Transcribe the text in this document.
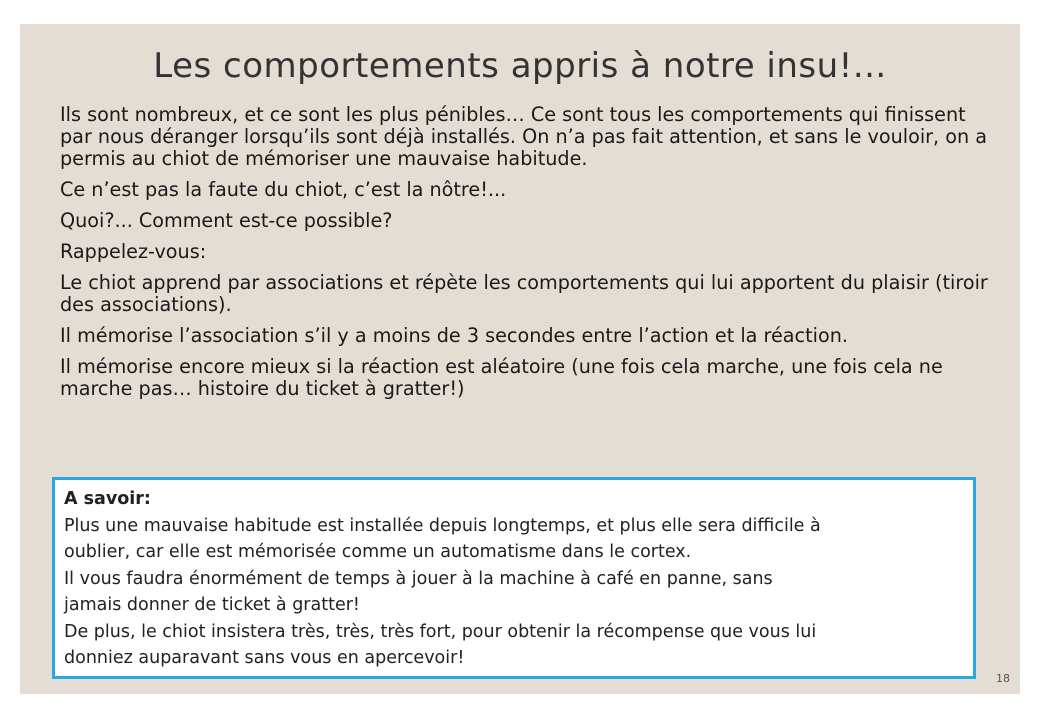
Les comportements appris à notre insu!...

Ils sont nombreux, et ce sont les plus pénibles… Ce sont tous les comportements qui finissent par nous déranger lorsqu’ils sont déjà installés. On n’a pas fait attention, et sans le vouloir, on a permis au chiot de mémoriser une mauvaise habitude.

Ce n’est pas la faute du chiot, c’est la nôtre!...

Quoi?... Comment est-ce possible?

Rappelez-vous:

Le chiot apprend par associations et répète les comportements qui lui apportent du plaisir (tiroir des associations).

Il mémorise l’association s’il y a moins de 3 secondes entre l’action et la réaction.

Il mémorise encore mieux si la réaction est aléatoire (une fois cela marche, une fois cela ne marche pas… histoire du ticket à gratter!)

A savoir:
Plus une mauvaise habitude est installée depuis longtemps, et plus elle sera difficile à
oublier, car elle est mémorisée comme un automatisme dans le cortex.
Il vous faudra énormément de temps à jouer à la machine à café en panne, sans
jamais donner de ticket à gratter!
De plus, le chiot insistera très, très, très fort, pour obtenir la récompense que vous lui
donniez auparavant sans vous en apercevoir!
18
